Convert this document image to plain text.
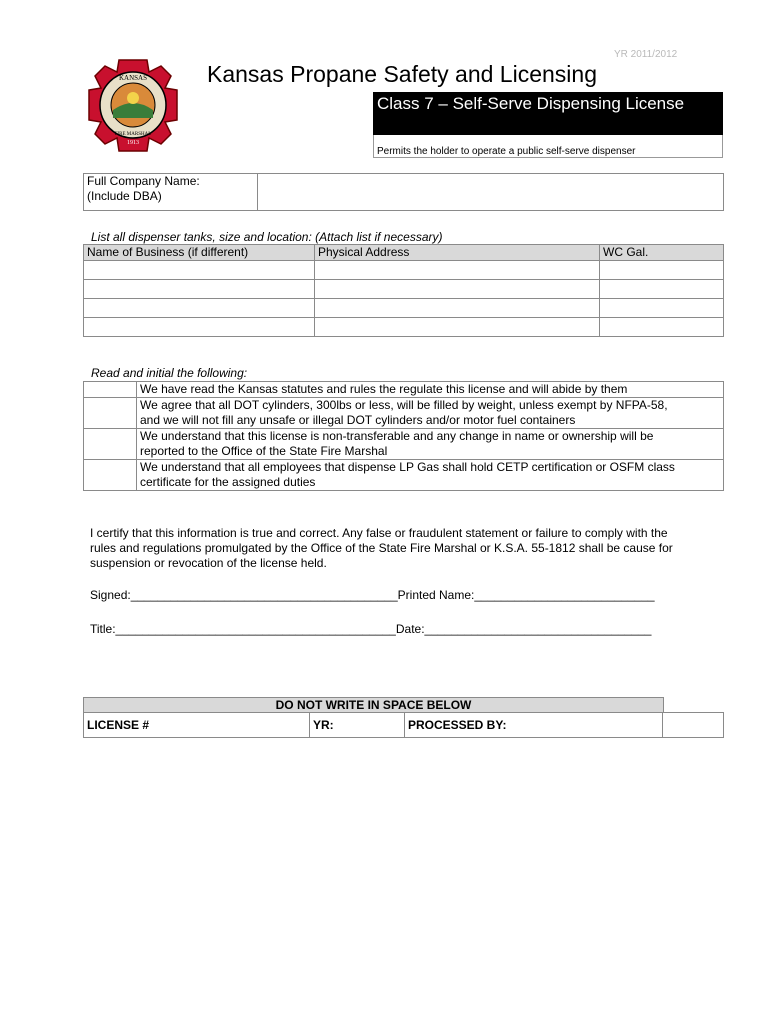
YR 2011/2012
KANSAS
FIRE MARSHAL
1913
Kansas Propane Safety and Licensing
Class 7 – Self-Serve Dispensing License
Permits the holder to operate a public self-serve dispenser
Full Company Name:
(Include DBA)	
List all dispenser tanks, size and location: (Attach list if necessary)
Name of Business (if different)	Physical Address	WC Gal.

Read and initial the following:
	We have read the Kansas statutes and rules the regulate this license and will abide by them
	We agree that all DOT cylinders, 300lbs or less, will be filled by weight, unless exempt by NFPA-58,
and we will not fill any unsafe or illegal DOT cylinders and/or motor fuel containers
	We understand that this license is non-transferable and any change in name or ownership will be
reported to the Office of the State Fire Marshal
	We understand that all employees that dispense LP Gas shall hold CETP certification or OSFM class
certificate for the assigned duties
I certify that this information is true and correct. Any false or fraudulent statement or failure to comply with the
rules and regulations promulgated by the Office of the State Fire Marshal or K.S.A. 55-1812 shall be cause for
suspension or revocation of the license held.
Signed:________________________________________Printed Name:___________________________
Title:__________________________________________Date:__________________________________
DO NOT WRITE IN SPACE BELOW
LICENSE #	YR:	PROCESSED BY:	
